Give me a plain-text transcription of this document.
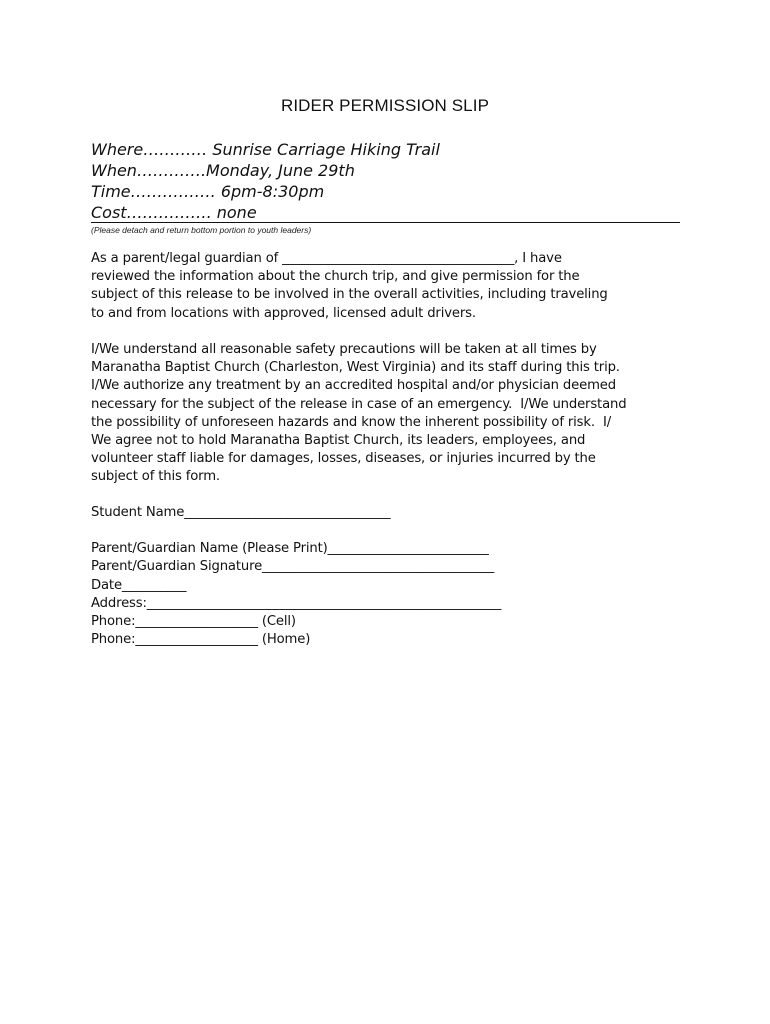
RIDER PERMISSION SLIP
Where………… Sunrise Carriage Hiking Trail
When………….Monday, June 29th
Time……………. 6pm-8:30pm
Cost……………. none
(Please detach and return bottom portion to youth leaders)
As a parent/legal guardian of ____________________________________, I have
reviewed the information about the church trip, and give permission for the
subject of this release to be involved in the overall activities, including traveling
to and from locations with approved, licensed adult drivers.
I/We understand all reasonable safety precautions will be taken at all times by
Maranatha Baptist Church (Charleston, West Virginia) and its staff during this trip.
I/We authorize any treatment by an accredited hospital and/or physician deemed
necessary for the subject of the release in case of an emergency.  I/We understand
the possibility of unforeseen hazards and know the inherent possibility of risk.  I/
We agree not to hold Maranatha Baptist Church, its leaders, employees, and
volunteer staff liable for damages, losses, diseases, or injuries incurred by the
subject of this form.
Student Name________________________________
Parent/Guardian Name (Please Print)_________________________
Parent/Guardian Signature____________________________________
Date__________
Address:_______________________________________________________
Phone:___________________ (Cell)
Phone:___________________ (Home)
